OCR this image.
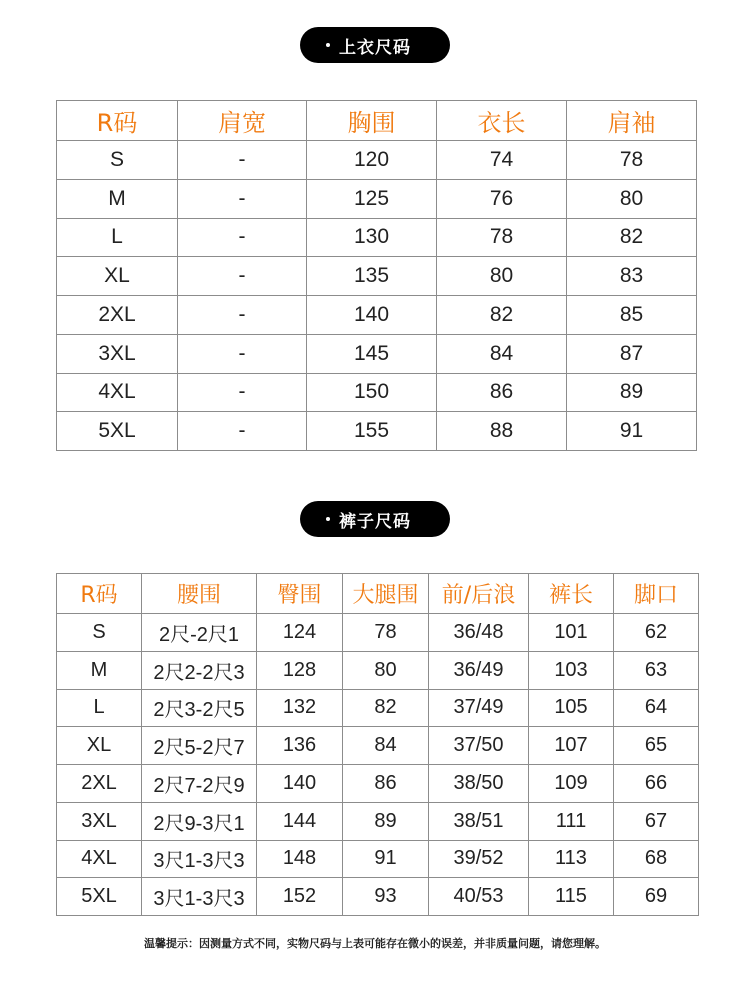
上衣尺码
R码	肩宽	胸围	衣长	肩袖
S	-	120	74	78
M	-	125	76	80
L	-	130	78	82
XL	-	135	80	83
2XL	-	140	82	85
3XL	-	145	84	87
4XL	-	150	86	89
5XL	-	155	88	91
裤子尺码
R码	腰围	臀围	大腿围	前/后浪	裤长	脚口
S	2尺-2尺1	124	78	36/48	101	62
M	2尺2-2尺3	128	80	36/49	103	63
L	2尺3-2尺5	132	82	37/49	105	64
XL	2尺5-2尺7	136	84	37/50	107	65
2XL	2尺7-2尺9	140	86	38/50	109	66
3XL	2尺9-3尺1	144	89	38/51	111	67
4XL	3尺1-3尺3	148	91	39/52	113	68
5XL	3尺1-3尺3	152	93	40/53	115	69
温馨提示：因测量方式不同，实物尺码与上表可能存在微小的误差，并非质量问题，请您理解。
